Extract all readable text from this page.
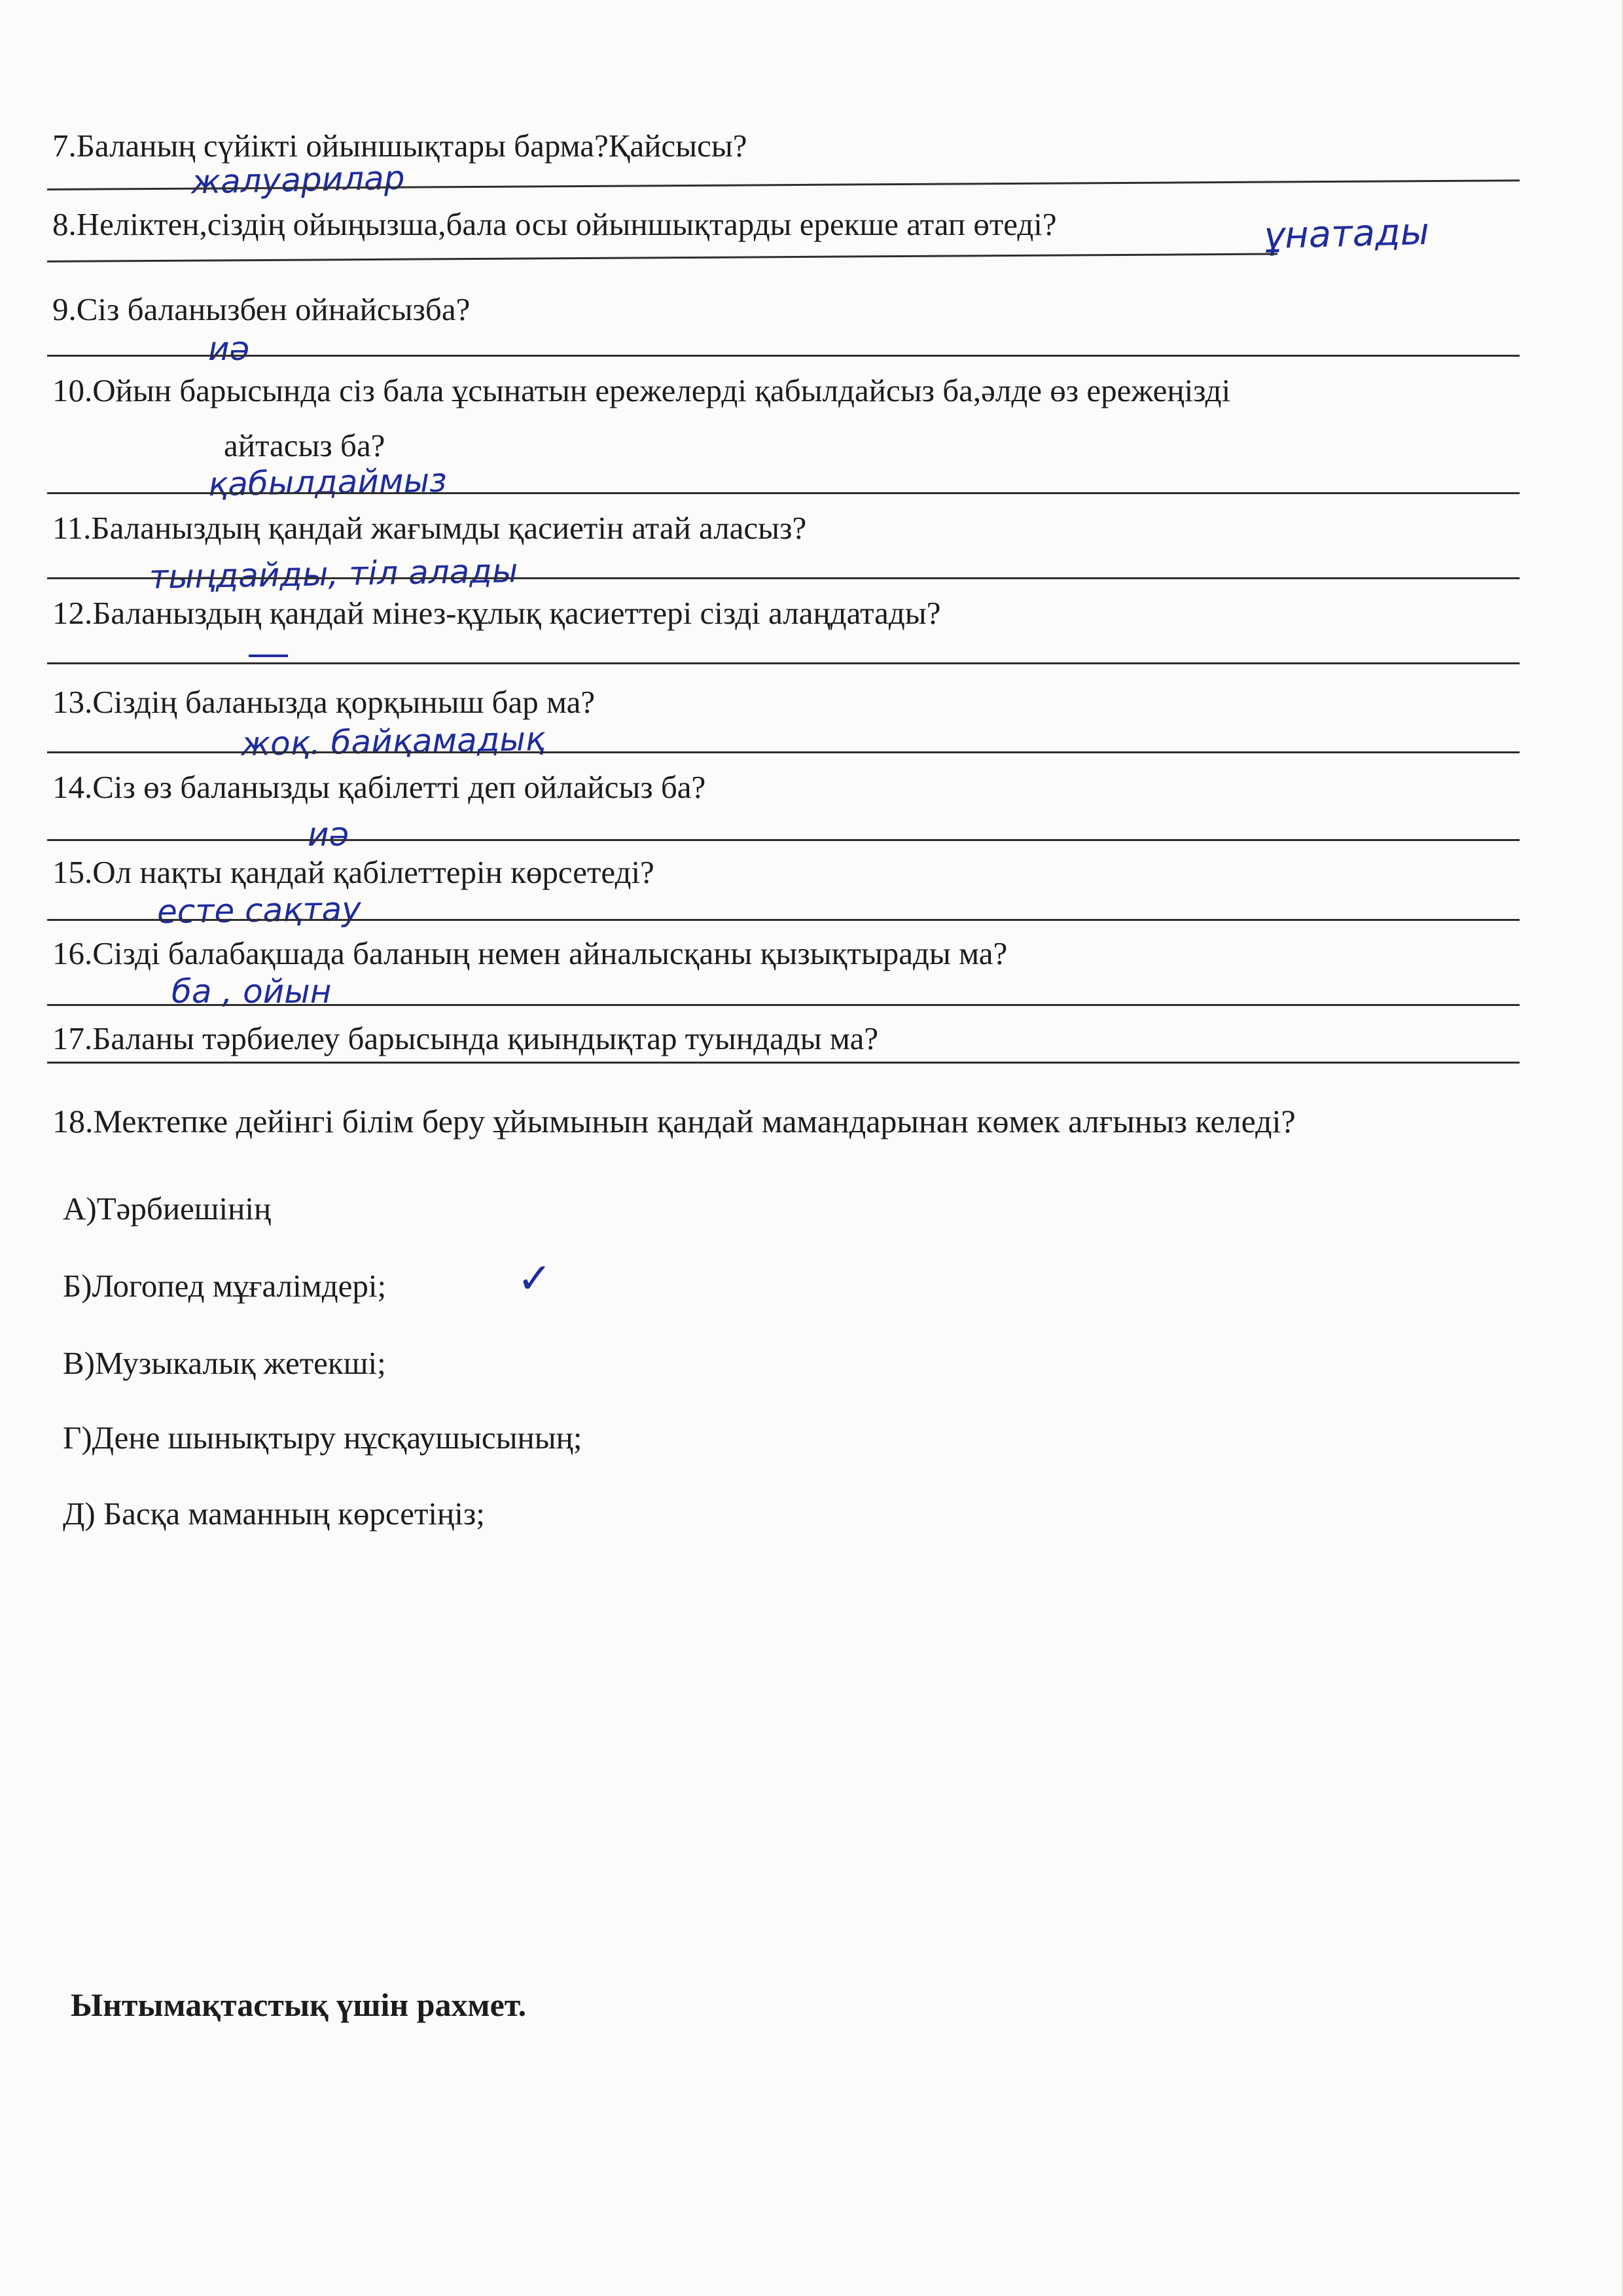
7.Баланың сүйікті ойыншықтары барма?Қайсысы?
жалуарилар
8.Неліктен,сіздің ойыңызша,бала осы ойыншықтарды ерекше атап өтеді?	ұнатады
9.Сіз баланызбен ойнайсызба?
иә
10.Ойын барысында сіз бала ұсынатын ережелерді қабылдайсыз ба,әлде өз ережеңізді
айтасыз ба?
қабылдаймыз
11.Баланыздың қандай жағымды қасиетін атай аласыз?
тыңдайды, тіл алады
12.Баланыздың қандай мінез-құлық қасиеттері сізді алаңдатады?
13.Сіздің баланызда қорқыныш бар ма?
жоқ. байқамадық
14.Сіз өз баланызды қабілетті деп ойлайсыз ба?
иә
15.Ол нақты қандай қабілеттерін көрсетеді?
есте сақтау
16.Сізді балабақшада баланың немен айналысқаны қызықтырады ма?
ба , ойын
17.Баланы тәрбиелеу барысында қиындықтар туындады ма?
18.Мектепке дейінгі білім беру ұйымынын қандай мамандарынан көмек алғыныз келеді?
А)Тәрбиешінің
Б)Логопед мұғалімдері;	✓
В)Музыкалық жетекші;
Г)Дене шынықтыру нұсқаушысының;
Д) Басқа маманның көрсетіңіз;
Ынтымақтастық үшін рахмет.
